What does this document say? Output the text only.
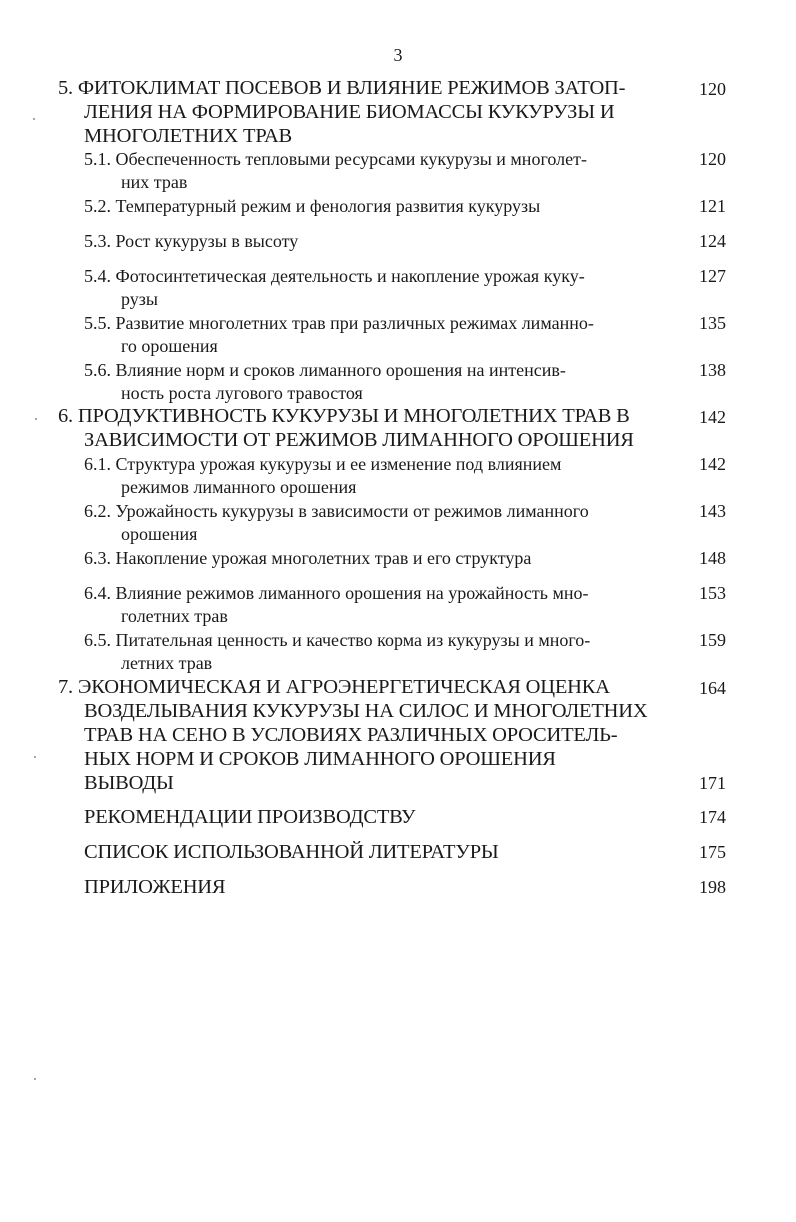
3
5. ФИТОКЛИМАТ ПОСЕВОВ И ВЛИЯНИЕ РЕЖИМОВ ЗАТОП-
ЛЕНИЯ НА ФОРМИРОВАНИЕ БИОМАССЫ КУКУРУЗЫ И
МНОГОЛЕТНИХ ТРАВ
120
5.1. Обеспеченность тепловыми ресурсами кукурузы и многолет-
них трав
120
5.2. Температурный режим и фенология развития кукурузы	121
5.3. Рост кукурузы в высоту	124
5.4. Фотосинтетическая деятельность и накопление урожая куку-
рузы
127
5.5. Развитие многолетних трав при различных режимах лиманно-
го орошения
135
5.6. Влияние норм и сроков лиманного орошения на интенсив-
ность роста лугового травостоя
138
6. ПРОДУКТИВНОСТЬ КУКУРУЗЫ И МНОГОЛЕТНИХ ТРАВ В
ЗАВИСИМОСТИ ОТ РЕЖИМОВ ЛИМАННОГО ОРОШЕНИЯ
142
6.1. Структура урожая кукурузы и ее изменение под влиянием
режимов лиманного орошения
142
6.2. Урожайность кукурузы в зависимости от режимов лиманного
орошения
143
6.3. Накопление урожая многолетних трав и его структура	148
6.4. Влияние режимов лиманного орошения на урожайность мно-
голетних трав
153
6.5. Питательная ценность и качество корма из кукурузы и много-
летних трав
159
7. ЭКОНОМИЧЕСКАЯ И АГРОЭНЕРГЕТИЧЕСКАЯ ОЦЕНКА
ВОЗДЕЛЫВАНИЯ КУКУРУЗЫ НА СИЛОС И МНОГОЛЕТНИХ
ТРАВ НА СЕНО В УСЛОВИЯХ РАЗЛИЧНЫХ ОРОСИТЕЛЬ-
НЫХ НОРМ И СРОКОВ ЛИМАННОГО ОРОШЕНИЯ
164
ВЫВОДЫ	171
РЕКОМЕНДАЦИИ ПРОИЗВОДСТВУ	174
СПИСОК ИСПОЛЬЗОВАННОЙ ЛИТЕРАТУРЫ	175
ПРИЛОЖЕНИЯ	198
